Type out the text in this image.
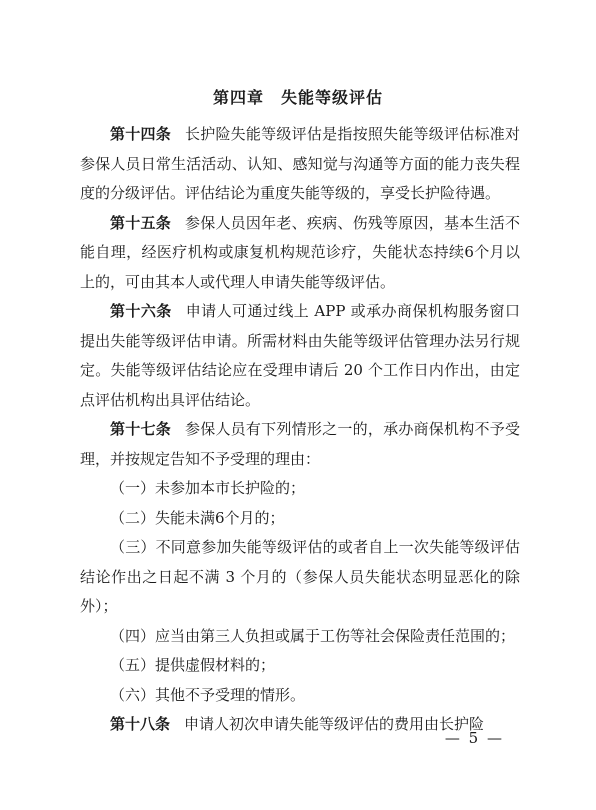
第四章　失能等级评估

第十四条 长护险失能等级评估是指按照失能等级评估标准对参保人员日常生活活动、认知、感知觉与沟通等方面的能力丧失程度的分级评估。评估结论为重度失能等级的，享受长护险待遇。

第十五条 参保人员因年老、疾病、伤残等原因，基本生活不能自理，经医疗机构或康复机构规范诊疗，失能状态持续6个月以上的，可由其本人或代理人申请失能等级评估。

第十六条 申请人可通过线上 APP 或承办商保机构服务窗口提出失能等级评估申请。所需材料由失能等级评估管理办法另行规定。失能等级评估结论应在受理申请后 20 个工作日内作出，由定点评估机构出具评估结论。

第十七条 参保人员有下列情形之一的，承办商保机构不予受理，并按规定告知不予受理的理由：

（一）未参加本市长护险的；

（二）失能未满6个月的；

（三）不同意参加失能等级评估的或者自上一次失能等级评估结论作出之日起不满 3 个月的（参保人员失能状态明显恶化的除外）；

（四）应当由第三人负担或属于工伤等社会保险责任范围的；

（五）提供虚假材料的；

（六）其他不予受理的情形。

第十八条 申请人初次申请失能等级评估的费用由长护险

— 5 —
